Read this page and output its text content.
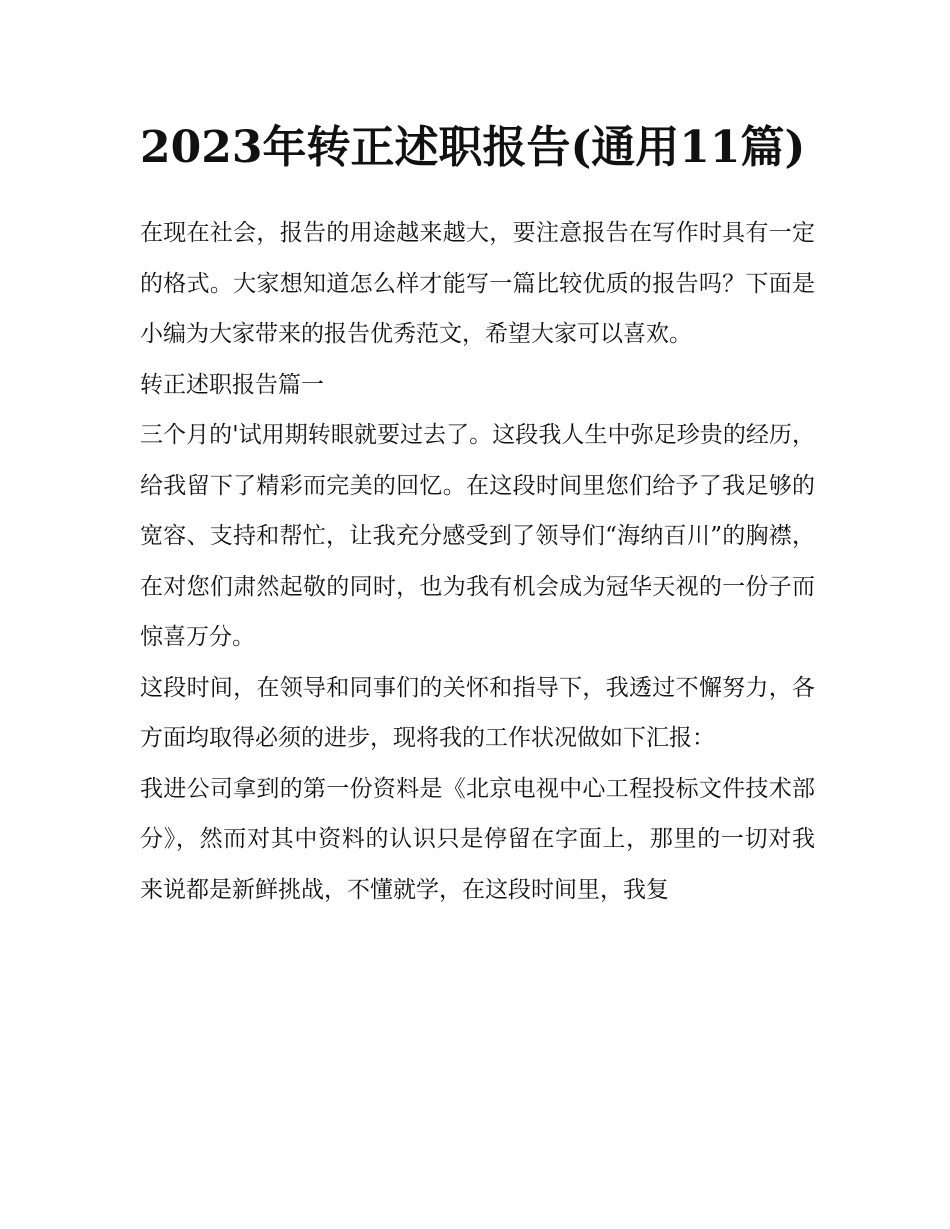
2023年转正述职报告(通用11篇)

在现在社会，报告的用途越来越大，要注意报告在写作时具有一定的格式。大家想知道怎么样才能写一篇比较优质的报告吗？下面是小编为大家带来的报告优秀范文，希望大家可以喜欢。

转正述职报告篇一

三个月的'试用期转眼就要过去了。这段我人生中弥足珍贵的经历，给我留下了精彩而完美的回忆。在这段时间里您们给予了我足够的宽容、支持和帮忙，让我充分感受到了领导们“海纳百川”的胸襟，在对您们肃然起敬的同时，也为我有机会成为冠华天视的一份子而惊喜万分。

这段时间，在领导和同事们的关怀和指导下，我透过不懈努力，各方面均取得必须的进步，现将我的工作状况做如下汇报：

我进公司拿到的第一份资料是《北京电视中心工程投标文件技术部分》，然而对其中资料的认识只是停留在字面上，那里的一切对我来说都是新鲜挑战，不懂就学，在这段时间里，我复
